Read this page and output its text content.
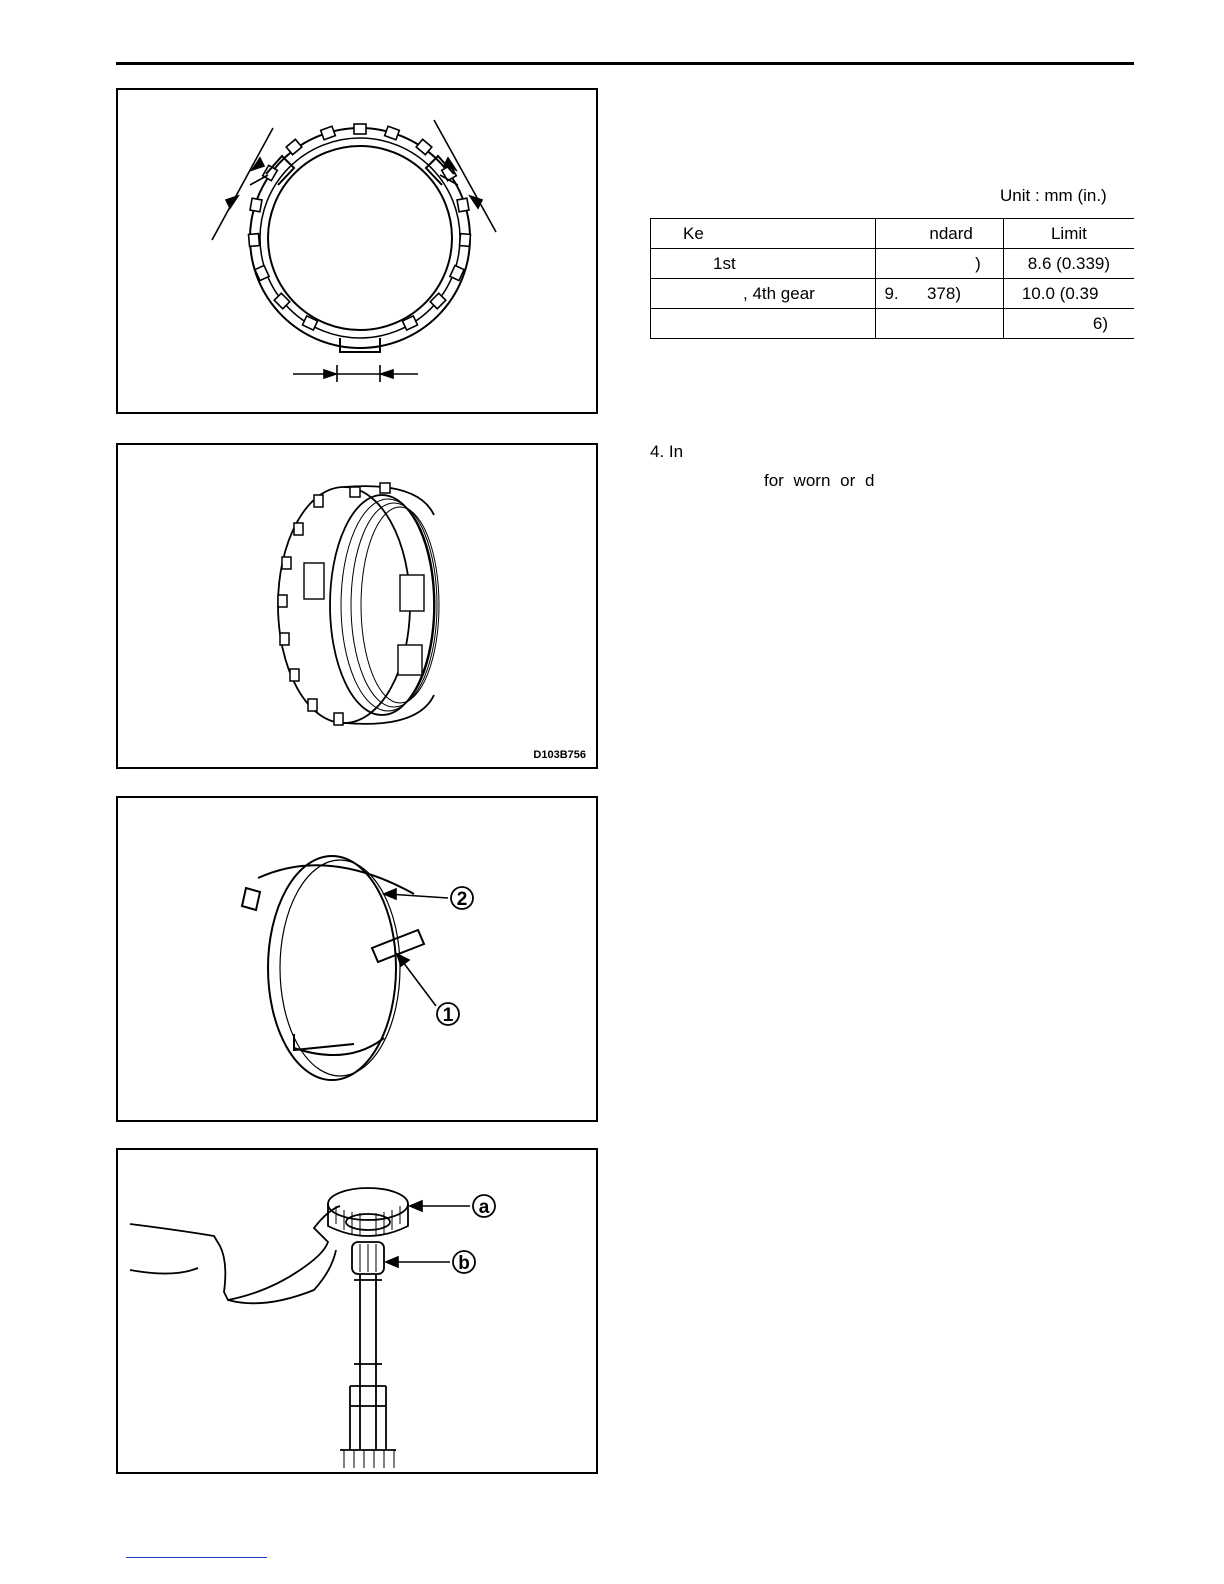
D103B756
2
1
a
b
Unit : mm (in.)
Ke	ndard	Limit
1st	)	8.6 (0.339)
, 4th gear	9.      378)	10.0 (0.39
		6)
4. In
for worn or d
